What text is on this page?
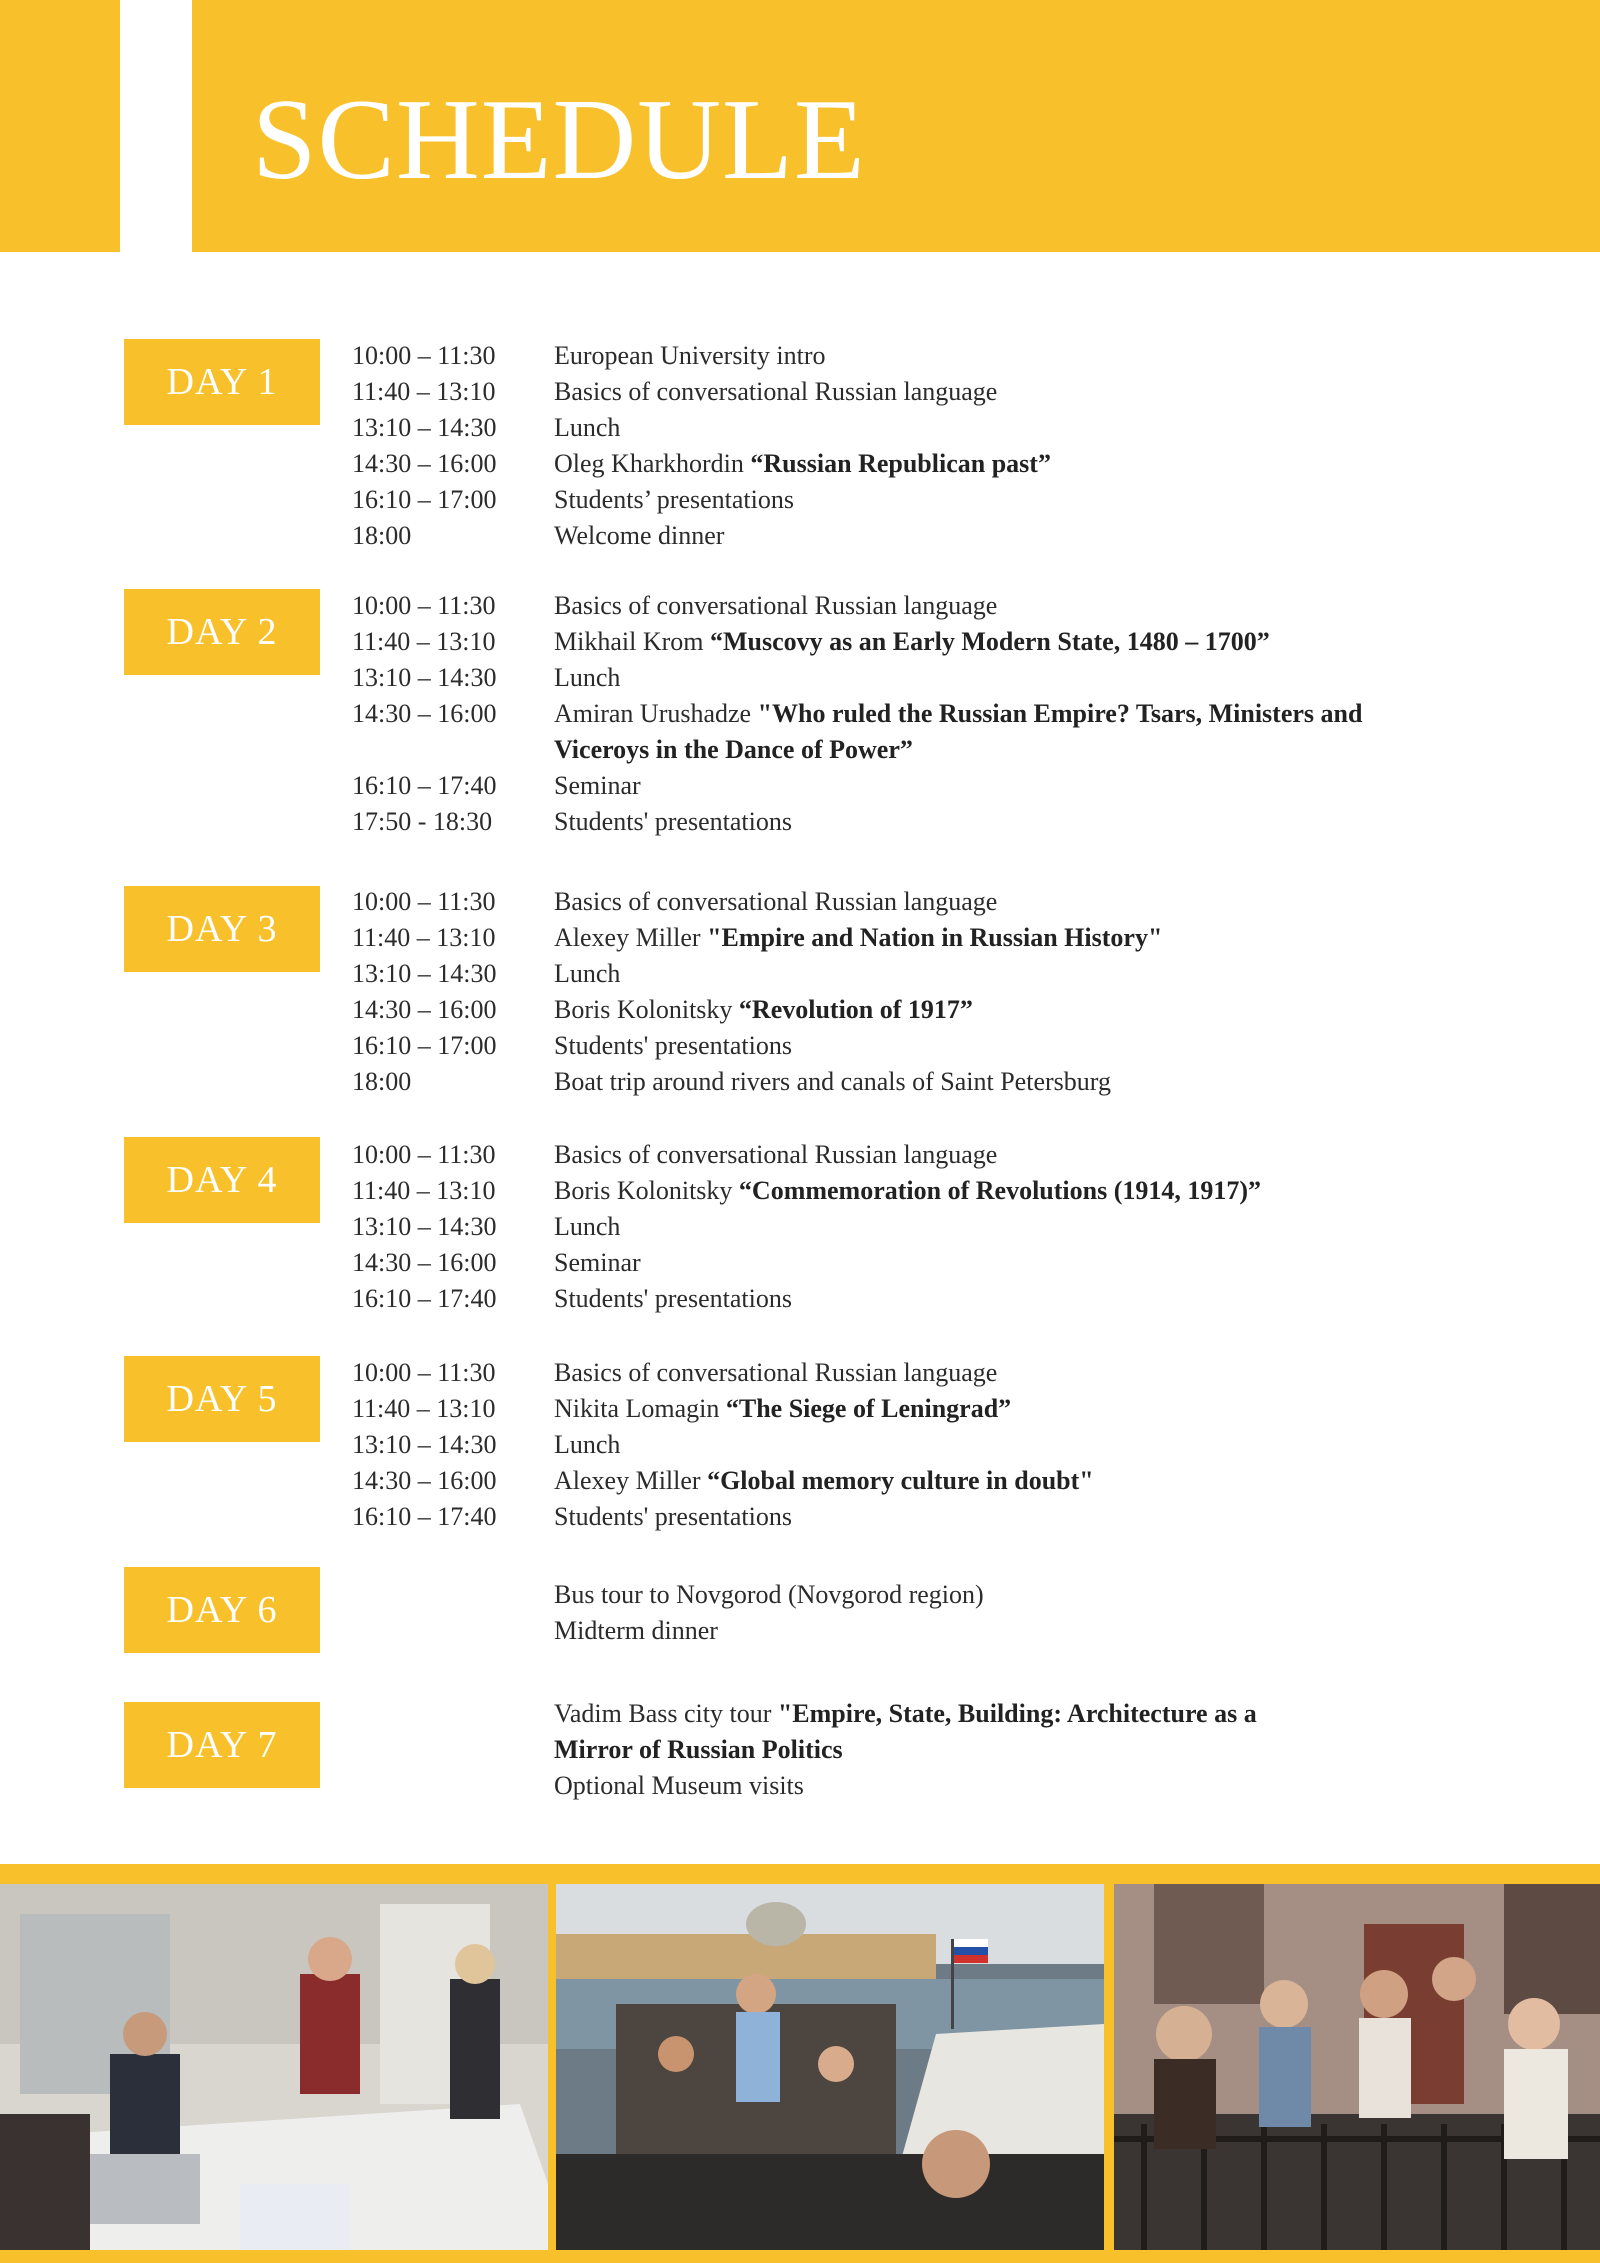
SCHEDULE
DAY 1
10:00 – 11:30	European University intro
11:40 – 13:10	Basics of conversational Russian language
13:10 – 14:30	Lunch
14:30 – 16:00	Oleg Kharkhordin “Russian Republican past”
16:10 – 17:00	Students’ presentations
18:00	Welcome dinner
DAY 2
10:00 – 11:30	Basics of conversational Russian language
11:40 – 13:10	Mikhail Krom “Muscovy as an Early Modern State, 1480 – 1700”
13:10 – 14:30	Lunch
14:30 – 16:00	Amiran Urushadze "Who ruled the Russian Empire? Tsars, Ministers and Viceroys in the Dance of Power”
16:10 – 17:40	Seminar
17:50 - 18:30	Students' presentations
DAY 3
10:00 – 11:30	Basics of conversational Russian language
11:40 – 13:10	Alexey Miller "Empire and Nation in Russian History"
13:10 – 14:30	Lunch
14:30 – 16:00	Boris Kolonitsky “Revolution of 1917”
16:10 – 17:00	Students' presentations
18:00	Boat trip around rivers and canals of Saint Petersburg
DAY 4
10:00 – 11:30	Basics of conversational Russian language
11:40 – 13:10	Boris Kolonitsky “Commemoration of Revolutions (1914, 1917)”
13:10 – 14:30	Lunch
14:30 – 16:00	Seminar
16:10 – 17:40	Students' presentations
DAY 5
10:00 – 11:30	Basics of conversational Russian language
11:40 – 13:10	Nikita Lomagin “The Siege of Leningrad”
13:10 – 14:30	Lunch
14:30 – 16:00	Alexey Miller “Global memory culture in doubt"
16:10 – 17:40	Students' presentations
DAY 6	Bus tour to Novgorod (Novgorod region)
Midterm dinner
DAY 7
Vadim Bass city tour "Empire, State, Building: Architecture as a Mirror of Russian Politics
Optional Museum visits
